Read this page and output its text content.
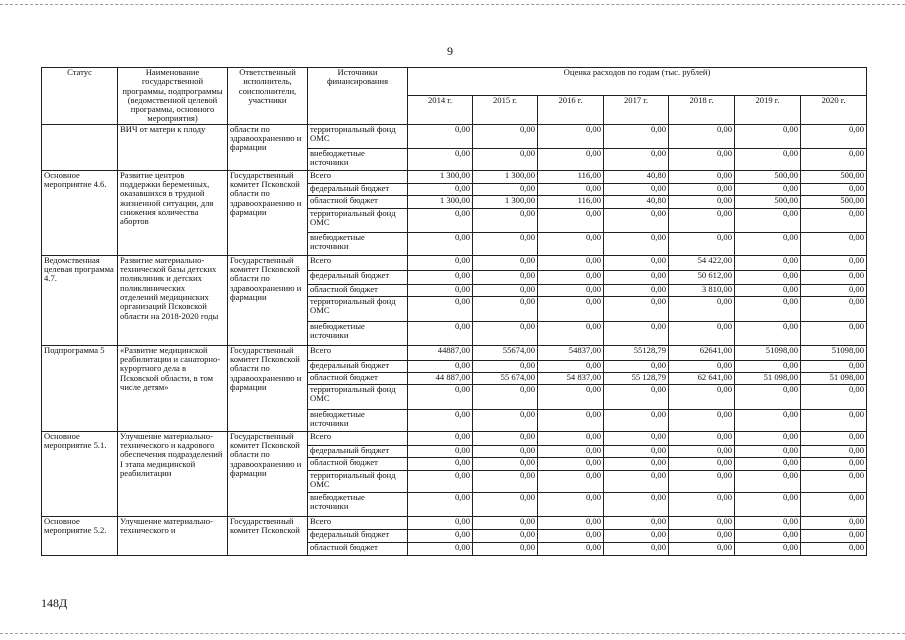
9
Статус	Наименование государственной программы, подпрограммы (ведомственной целевой программы, основного мероприятия)	Ответственный исполнитель, соисполнители, участники	Источники финансирования	Оценка расходов по годам (тыс. рублей)						
				2014 г.	2015 г.	2016 г.	2017 г.	2018 г.	2019 г.	2020 г.
	ВИЧ от матери к плоду	области по здравоохранению и фармации	территориальный фонд ОМС	0,00	0,00	0,00	0,00	0,00	0,00	0,00
			внебюджетные источники	0,00	0,00	0,00	0,00	0,00	0,00	0,00
Основное мероприятие 4.6.	Развитие центров поддержки беременных, оказавшихся в трудной жизненной ситуации, для снижения количества абортов	Государственный комитет Псковской области по здравоохранению и фармации	Всего	1 300,00	1 300,00	116,00	40,80	0,00	500,00	500,00
			федеральный бюджет	0,00	0,00	0,00	0,00	0,00	0,00	0,00
			областной бюджет	1 300,00	1 300,00	116,00	40,80	0,00	500,00	500,00
			территориальный фонд ОМС	0,00	0,00	0,00	0,00	0,00	0,00	0,00
			внебюджетные источники	0,00	0,00	0,00	0,00	0,00	0,00	0,00
Ведомственная целевая программа 4.7.	Развитие материально-технической базы детских поликлиник и детских поликлинических отделений медицинских организаций Псковской области на 2018-2020 годы	Государственный комитет Псковской области по здравоохранению и фармации	Всего	0,00	0,00	0,00	0,00	54 422,00	0,00	0,00
			федеральный бюджет	0,00	0,00	0,00	0,00	50 612,00	0,00	0,00
			областной бюджет	0,00	0,00	0,00	0,00	3 810,00	0,00	0,00
			территориальный фонд ОМС	0,00	0,00	0,00	0,00	0,00	0,00	0,00
			внебюджетные источники	0,00	0,00	0,00	0,00	0,00	0,00	0,00
Подпрограмма 5	«Развитие медицинской реабилитации и санаторно-курортного дела в Псковской области, в том числе детям»	Государственный комитет Псковской области по здравоохранению и фармации	Всего	44887,00	55674,00	54837,00	55128,79	62641,00	51098,00	51098,00
			федеральный бюджет	0,00	0,00	0,00	0,00	0,00	0,00	0,00
			областной бюджет	44 887,00	55 674,00	54 837,00	55 128,79	62 641,00	51 098,00	51 098,00
			территориальный фонд ОМС	0,00	0,00	0,00	0,00	0,00	0,00	0,00
			внебюджетные источники	0,00	0,00	0,00	0,00	0,00	0,00	0,00
Основное мероприятие 5.1.	Улучшение материально-технического и кадрового обеспечения подразделений I этапа медицинской реабилитации	Государственный комитет Псковской области по здравоохранению и фармации	Всего	0,00	0,00	0,00	0,00	0,00	0,00	0,00
			федеральный бюджет	0,00	0,00	0,00	0,00	0,00	0,00	0,00
			областной бюджет	0,00	0,00	0,00	0,00	0,00	0,00	0,00
			территориальный фонд ОМС	0,00	0,00	0,00	0,00	0,00	0,00	0,00
			внебюджетные источники	0,00	0,00	0,00	0,00	0,00	0,00	0,00
Основное мероприятие 5.2.	Улучшение материально-технического и	Государственный комитет Псковской	Всего	0,00	0,00	0,00	0,00	0,00	0,00	0,00
			федеральный бюджет	0,00	0,00	0,00	0,00	0,00	0,00	0,00
			областной бюджет	0,00	0,00	0,00	0,00	0,00	0,00	0,00
148Д
